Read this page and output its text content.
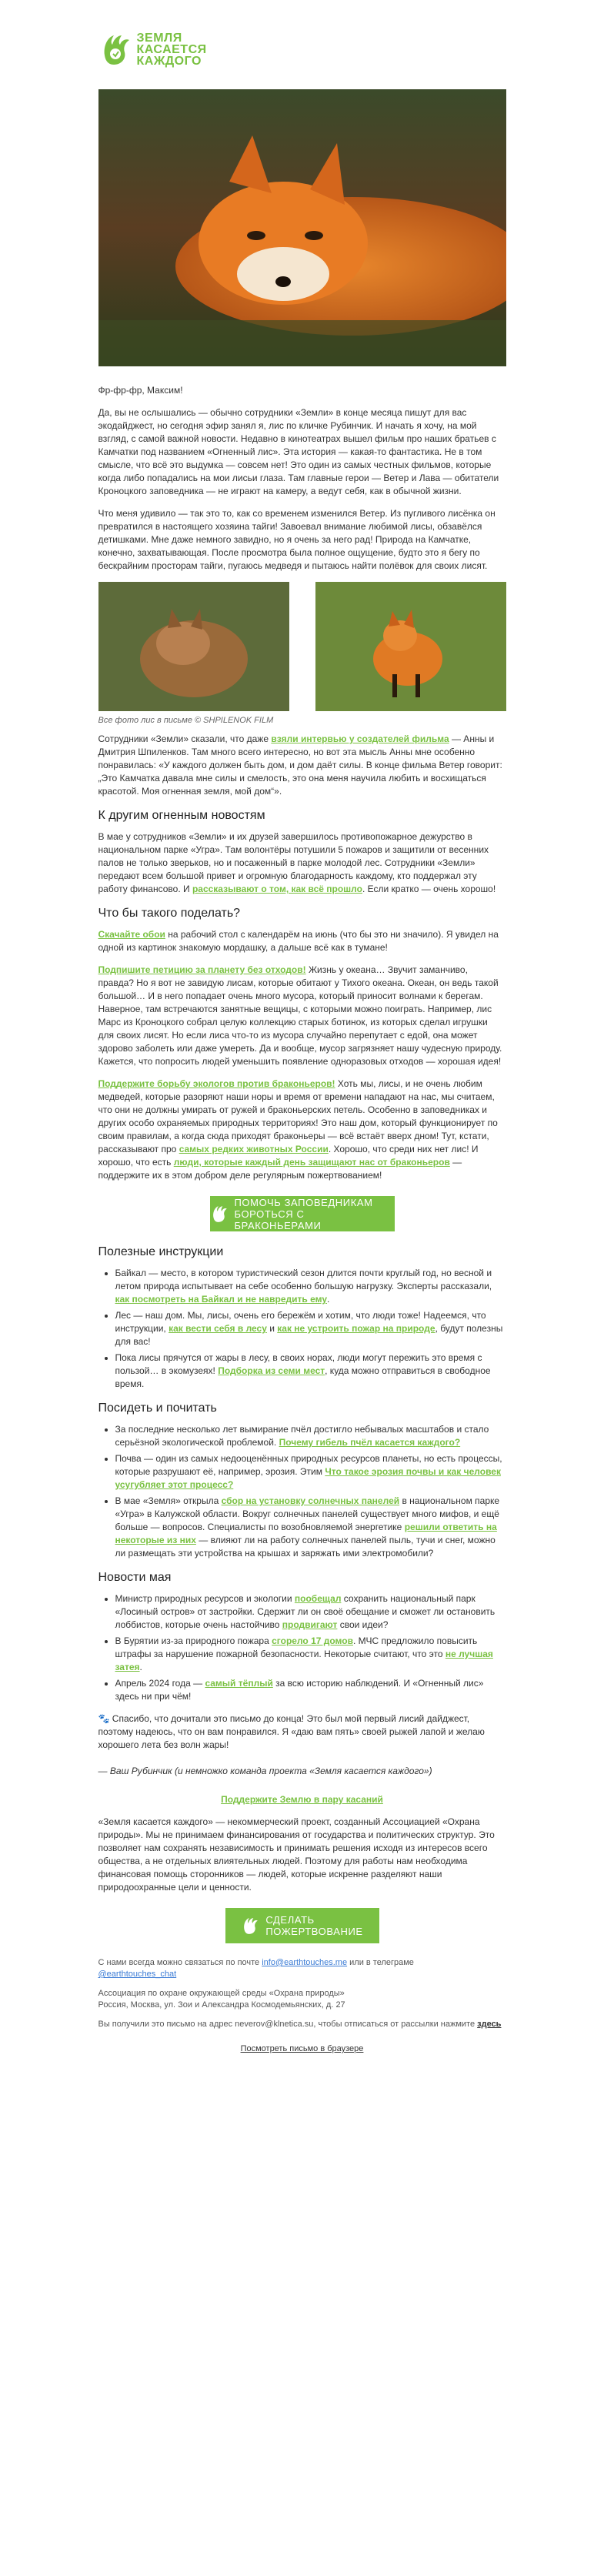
ЗЕМЛЯ
КАСАЕТСЯ
КАЖДОГО

Фр-фр-фр, Максим!

Да, вы не ослышались — обычно сотрудники «Земли» в конце месяца пишут для вас экодайджест, но сегодня эфир занял я, лис по кличке Рубинчик. И начать я хочу, на мой взгляд, с самой важной новости. Недавно в кинотеатрах вышел фильм про наших братьев с Камчатки под названием «Огненный лис». Эта история — какая-то фантастика. Не в том смысле, что всё это выдумка — совсем нет! Это один из самых честных фильмов, которые когда либо попадались на мои лисьи глаза. Там главные герои — Ветер и Лава — обитатели Кроноцкого заповедника — не играют на камеру, а ведут себя, как в обычной жизни.

Что меня удивило — так это то, как со временем изменился Ветер. Из пугливого лисёнка он превратился в настоящего хозяина тайги! Завоевал внимание любимой лисы, обзавёлся детишками. Мне даже немного завидно, но я очень за него рад! Природа на Камчатке, конечно, захватывающая. После просмотра была полное ощущение, будто это я бегу по бескрайним просторам тайги, пугаюсь медведя и пытаюсь найти полёвок для своих лисят.

Все фото лис в письме © SHPILENOK FILM

Сотрудники «Земли» сказали, что даже взяли интервью у создателей фильма — Анны и Дмитрия Шпиленков. Там много всего интересно, но вот эта мысль Анны мне особенно понравилась: «У каждого должен быть дом, и дом даёт силы. В конце фильма Ветер говорит: „Это Камчатка давала мне силы и смелость, это она меня научила любить и восхищаться красотой. Моя огненная земля, мой дом“».

К другим огненным новостям

В мае у сотрудников «Земли» и их друзей завершилось противопожарное дежурство в национальном парке «Угра». Там волонтёры потушили 5 пожаров и защитили от весенних палов не только зверьков, но и посаженный в парке молодой лес. Сотрудники «Земли» передают всем большой привет и огромную благодарность каждому, кто поддержал эту работу финансово. И рассказывают о том, как всё прошло. Если кратко — очень хорошо!

Что бы такого поделать?

Скачайте обои на рабочий стол с календарём на июнь (что бы это ни значило). Я увидел на одной из картинок знакомую мордашку, а дальше всё как в тумане!

Подпишите петицию за планету без отходов! Жизнь у океана… Звучит заманчиво, правда? Но я вот не завидую лисам, которые обитают у Тихого океана. Океан, он ведь такой большой… И в него попадает очень много мусора, который приносит волнами к берегам. Наверное, там встречаются занятные вещицы, с которыми можно поиграть. Например, лис Марс из Кроноцкого собрал целую коллекцию старых ботинок, из которых сделал игрушки для своих лисят. Но если лиса что-то из мусора случайно перепутает с едой, она может здорово заболеть или даже умереть. Да и вообще, мусор загрязняет нашу чудесную природу. Кажется, что попросить людей уменьшить появление одноразовых отходов — хорошая идея!

Поддержите борьбу экологов против браконьеров! Хоть мы, лисы, и не очень любим медведей, которые разоряют наши норы и время от времени нападают на нас, мы считаем, что они не должны умирать от ружей и браконьерских петель. Особенно в заповедниках и других особо охраняемых природных территориях! Это наш дом, который функционирует по своим правилам, а когда сюда приходят браконьеры — всё встаёт вверх дном! Тут, кстати, рассказывают про самых редких животных России. Хорошо, что среди них нет лис! И хорошо, что есть люди, которые каждый день защищают нас от браконьеров — поддержите их в этом добром деле регулярным пожертвованием!

ПОМОЧЬ ЗАПОВЕДНИКАМ
БОРОТЬСЯ С БРАКОНЬЕРАМИ
Полезные инструкции
• Байкал — место, в котором туристический сезон длится почти круглый год, но весной и летом природа испытывает на себе особенно большую нагрузку. Эксперты рассказали, как посмотреть на Байкал и не навредить ему.
• Лес — наш дом. Мы, лисы, очень его бережём и хотим, что люди тоже! Надеемся, что инструкции, как вести себя в лесу и как не устроить пожар на природе, будут полезны для вас!
• Пока лисы прячутся от жары в лесу, в своих норах, люди могут пережить это время с пользой… в экомузеях! Подборка из семи мест, куда можно отправиться в свободное время.
Посидеть и почитать
• За последние несколько лет вымирание пчёл достигло небывалых масштабов и стало серьёзной экологической проблемой. Почему гибель пчёл касается каждого?
• Почва — один из самых недооценённых природных ресурсов планеты, но есть процессы, которые разрушают её, например, эрозия. Этим Что такое эрозия почвы и как человек усугубляет этот процесс?
• В мае «Земля» открыла сбор на установку солнечных панелей в национальном парке «Угра» в Калужской области. Вокруг солнечных панелей существует много мифов, и ещё больше — вопросов. Специалисты по возобновляемой энергетике решили ответить на некоторые из них — влияют ли на работу солнечных панелей пыль, тучи и снег, можно ли размещать эти устройства на крышах и заряжать ими электромобили?
Новости мая
• Министр природных ресурсов и экологии пообещал сохранить национальный парк «Лосиный остров» от застройки. Сдержит ли он своё обещание и сможет ли остановить лоббистов, которые очень настойчиво продвигают свои идеи?
• В Бурятии из-за природного пожара сгорело 17 домов. МЧС предложило повысить штрафы за нарушение пожарной безопасности. Некоторые считают, что это не лучшая затея.
• Апрель 2024 года — самый тёплый за всю историю наблюдений. И «Огненный лис» здесь ни при чём!

🐾 Спасибо, что дочитали это письмо до конца! Это был мой первый лисий дайджест, поэтому надеюсь, что он вам понравился. Я «даю вам пять» своей рыжей лапой и желаю хорошего лета без волн жары!

— Ваш Рубинчик (и немножко команда проекта «Земля касается каждого»)

Поддержите Землю в пару касаний

«Земля касается каждого» — некоммерческий проект, созданный Ассоциацией «Охрана природы». Мы не принимаем финансирования от государства и политических структур. Это позволяет нам сохранять независимость и принимать решения исходя из интересов всего общества, а не отдельных влиятельных людей. Поэтому для работы нам необходима финансовая помощь сторонников — людей, которые искренне разделяют наши природоохранные цели и ценности.

СДЕЛАТЬ
ПОЖЕРТВОВАНИЕ
С нами всегда можно связаться по почте info@earthtouches.me или в телеграме
@earthtouches_chat
Ассоциация по охране окружающей среды «Охрана природы»
Россия, Москва, ул. Зои и Александра Космодемьянских, д. 27
Вы получили это письмо на адрес neverov@klnetica.su, чтобы отписаться от рассылки нажмите здесь
Посмотреть письмо в браузере
